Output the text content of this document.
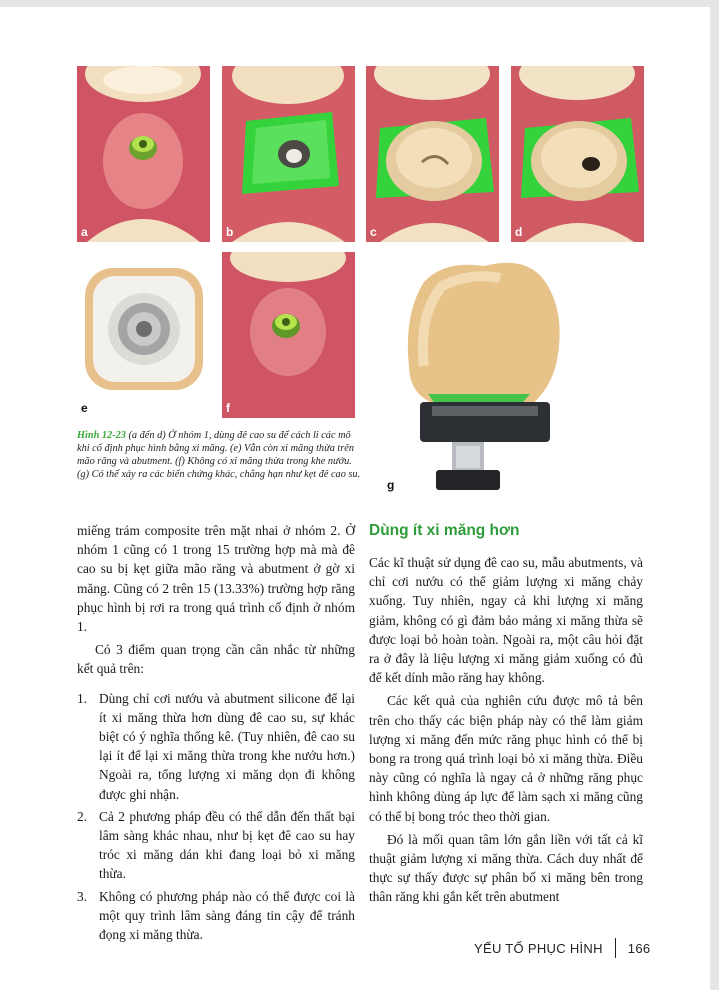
a	b	c	d
e	f
g
Hình 12-23 (a đến d) Ở nhóm 1, dùng đê cao su để cách li các mô khi cố định phục hình bằng xi măng. (e) Vẫn còn xi măng thừa trên mão răng và abutment. (f) Không có xi măng thừa trong khe nướu. (g) Có thể xảy ra các biến chứng khác, chẳng hạn như kẹt đê cao su.

miếng trám composite trên mặt nhai ở nhóm 2. Ở nhóm 1 cũng có 1 trong 15 trường hợp mà mà đê cao su bị kẹt giữa mão răng và abutment ở gờ xi măng. Cũng có 2 trên 15 (13.33%) trường hợp răng phục hình bị rơi ra trong quá trình cố định ở nhóm 1.

Có 3 điểm quan trọng cần cân nhắc từ những kết quả trên:

1. Dùng chỉ cơi nướu và abutment silicone để lại ít xi măng thừa hơn dùng đê cao su, sự khác biệt có ý nghĩa thống kê. (Tuy nhiên, đê cao su lại ít để lại xi măng thừa trong khe nướu hơn.) Ngoài ra, tổng lượng xi măng dọn đi không được ghi nhận.
2. Cả 2 phương pháp đều có thể dẫn đến thất bại lâm sàng khác nhau, như bị kẹt đê cao su hay tróc xi măng dán khi đang loại bỏ xi măng thừa.
3. Không có phương pháp nào có thể được coi là một quy trình lâm sàng đáng tin cậy để tránh đọng xi măng thừa.
Dùng ít xi măng hơn

Các kĩ thuật sử dụng đê cao su, mẫu abutments, và chỉ cơi nướu có thể giảm lượng xi măng chảy xuống. Tuy nhiên, ngay cả khi lượng xi măng giảm, không có gì đảm bảo mảng xi măng thừa sẽ được loại bỏ hoàn toàn. Ngoài ra, một câu hỏi đặt ra ở đây là liệu lượng xi măng giảm xuống có đủ để kết dính mão răng hay không.

Các kết quả của nghiên cứu được mô tả bên trên cho thấy các biện pháp này có thể làm giảm lượng xi măng đến mức răng phục hình có thể bị bong ra trong quá trình loại bỏ xi măng thừa. Điều này cũng có nghĩa là ngay cả ở những răng phục hình không dùng áp lực để làm sạch xi măng cũng có thể bị bong tróc theo thời gian.

Đó là mối quan tâm lớn gắn liền với tất cả kĩ thuật giảm lượng xi măng thừa. Cách duy nhất để thực sự thấy được sự phân bố xi măng bên trong thân răng khi gắn kết trên abutment

YẾU TỐ PHỤC HÌNH 166
